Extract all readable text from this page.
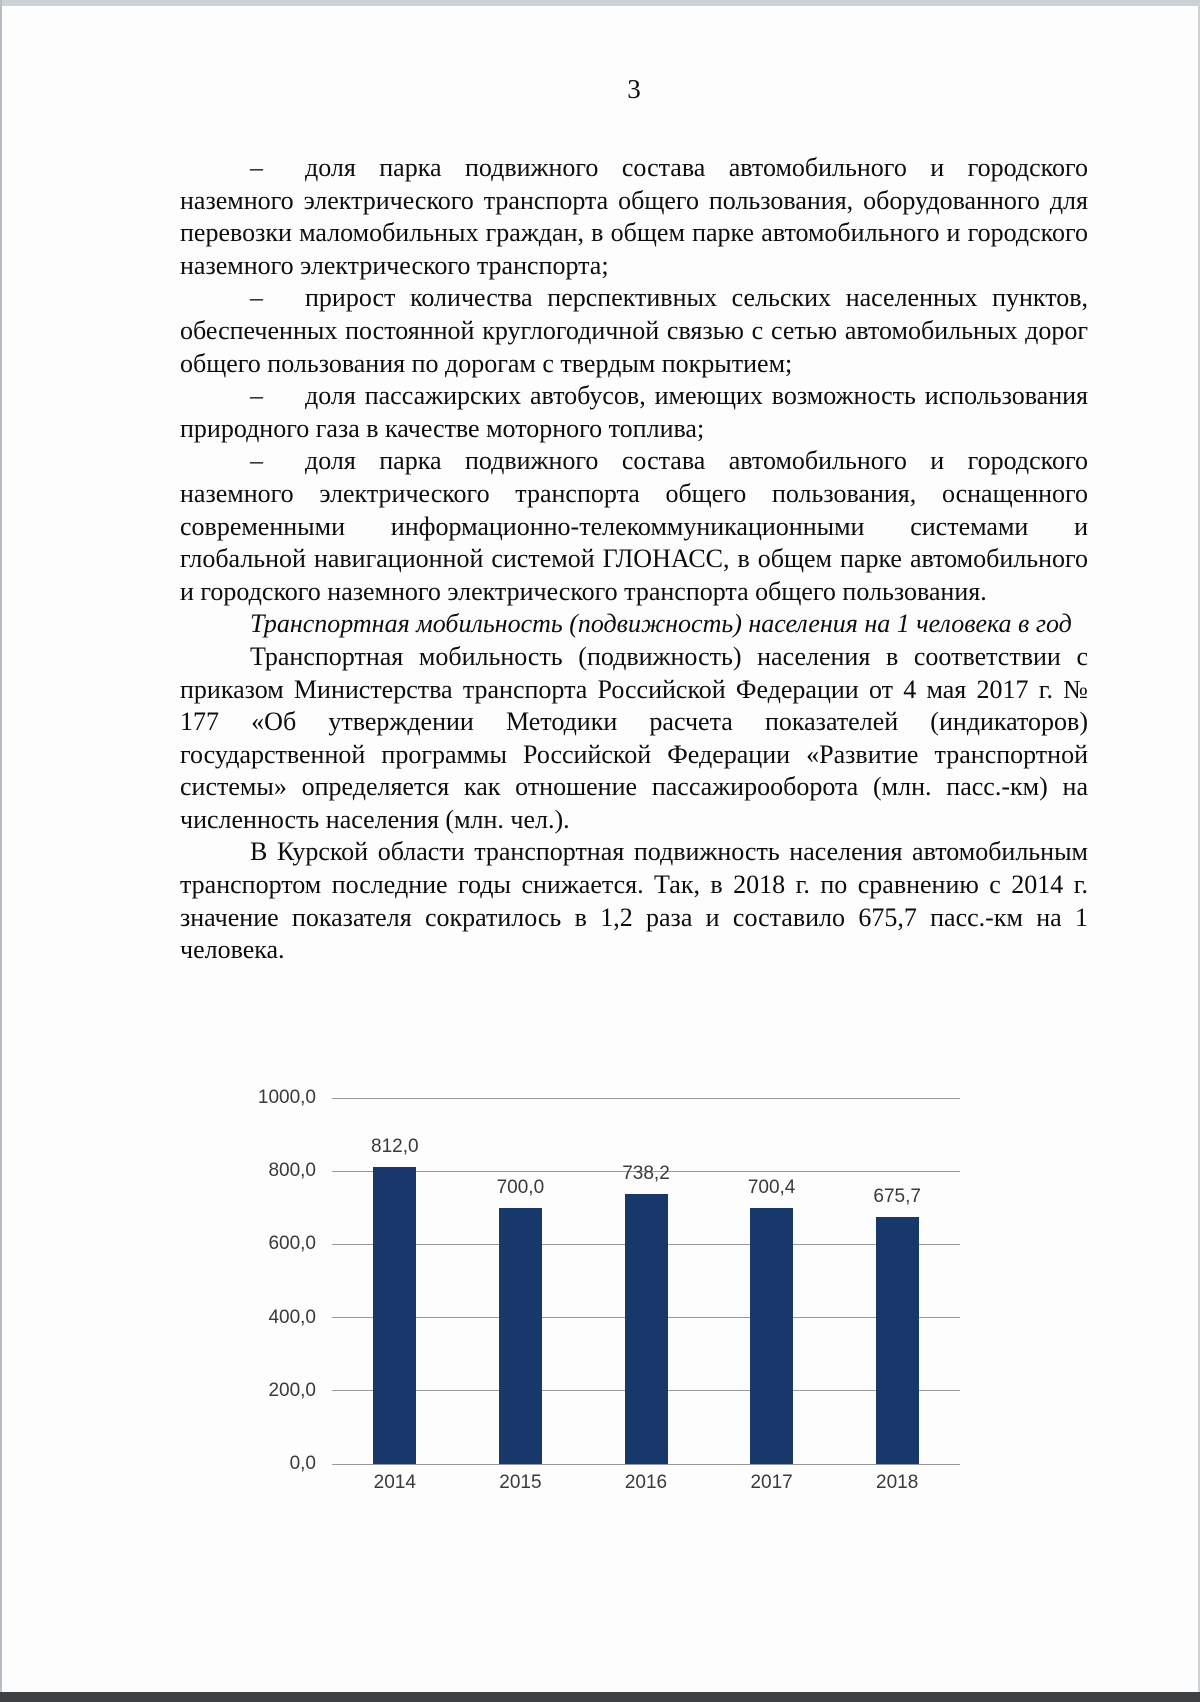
3

– доля парка подвижного состава автомобильного и городского наземного электрического транспорта общего пользования, оборудованного для перевозки маломобильных граждан, в общем парке автомобильного и городского наземного электрического транспорта;

– прирост количества перспективных сельских населенных пунктов, обеспеченных постоянной круглогодичной связью с сетью автомобильных дорог общего пользования по дорогам с твердым покрытием;

– доля пассажирских автобусов, имеющих возможность использования природного газа в качестве моторного топлива;

– доля парка подвижного состава автомобильного и городского наземного электрического транспорта общего пользования, оснащенного современными информационно-телекоммуникационными системами и глобальной навигационной системой ГЛОНАСС, в общем парке автомобильного и городского наземного электрического транспорта общего пользования.

Транспортная мобильность (подвижность) населения на 1 человека в год

Транспортная мобильность (подвижность) населения в соответствии с приказом Министерства транспорта Российской Федерации от 4 мая 2017 г. № 177 «Об утверждении Методики расчета показателей (индикаторов) государственной программы Российской Федерации «Развитие транспортной системы» определяется как отношение пассажирооборота (млн. пасс.-км) на численность населения (млн. чел.).

В Курской области транспортная подвижность населения автомобильным транспортом последние годы снижается. Так, в 2018 г. по сравнению с 2014 г. значение показателя сократилось в 1,2 раза и составило 675,7 пасс.-км на 1 человека.

0,0
200,0
400,0
600,0
800,0
1000,0
812,0
2014
700,0
2015
738,2
2016
700,4
2017
675,7
2018
